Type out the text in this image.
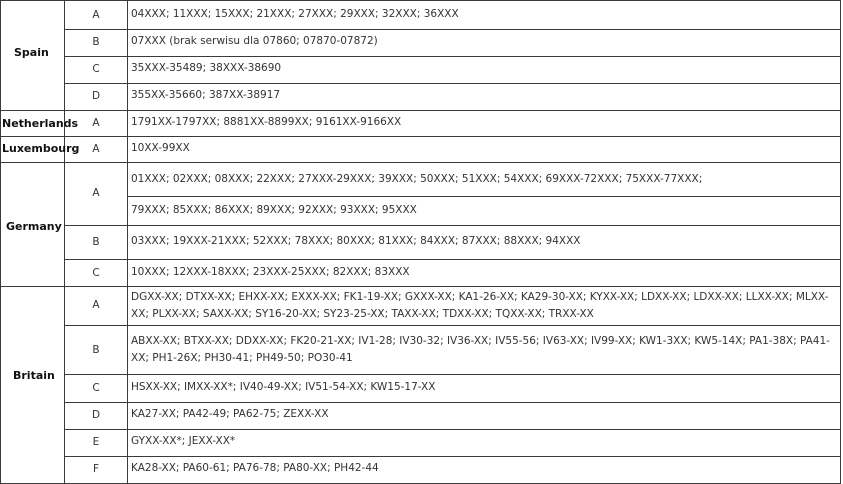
Spain
Netherlands
Luxembourg
Germany
Britain
A
B
C
D
A
A
A
B
C
A
B
C
D
E
F
04XXX; 11XXX; 15XXX; 21XXX; 27XXX; 29XXX; 32XXX; 36XXX
07XXX (brak serwisu dla 07860; 07870-07872)
35XXX-35489; 38XXX-38690
355XX-35660; 387XX-38917
1791XX-1797XX; 8881XX-8899XX; 9161XX-9166XX
10XX-99XX
01XXX; 02XXX; 08XXX; 22XXX; 27XXX-29XXX; 39XXX; 50XXX; 51XXX; 54XXX; 69XXX-72XXX; 75XXX-77XXX;
79XXX; 85XXX; 86XXX; 89XXX; 92XXX; 93XXX; 95XXX
03XXX; 19XXX-21XXX; 52XXX; 78XXX; 80XXX; 81XXX; 84XXX; 87XXX; 88XXX; 94XXX
10XXX; 12XXX-18XXX; 23XXX-25XXX; 82XXX; 83XXX
DGXX-XX; DTXX-XX; EHXX-XX; EXXX-XX; FK1-19-XX; GXXX-XX; KA1-26-XX; KA29-30-XX; KYXX-XX; LDXX-XX; LDXX-XX; LLXX-XX; MLXX-XX; PLXX-XX; SAXX-XX; SY16-20-XX; SY23-25-XX; TAXX-XX; TDXX-XX; TQXX-XX; TRXX-XX
ABXX-XX; BTXX-XX; DDXX-XX; FK20-21-XX; IV1-28; IV30-32; IV36-XX; IV55-56; IV63-XX; IV99-XX; KW1-3XX; KW5-14X; PA1-38X; PA41-XX; PH1-26X; PH30-41; PH49-50; PO30-41
HSXX-XX; IMXX-XX*; IV40-49-XX; IV51-54-XX; KW15-17-XX
KA27-XX; PA42-49; PA62-75; ZEXX-XX
GYXX-XX*; JEXX-XX*
KA28-XX; PA60-61; PA76-78; PA80-XX; PH42-44
